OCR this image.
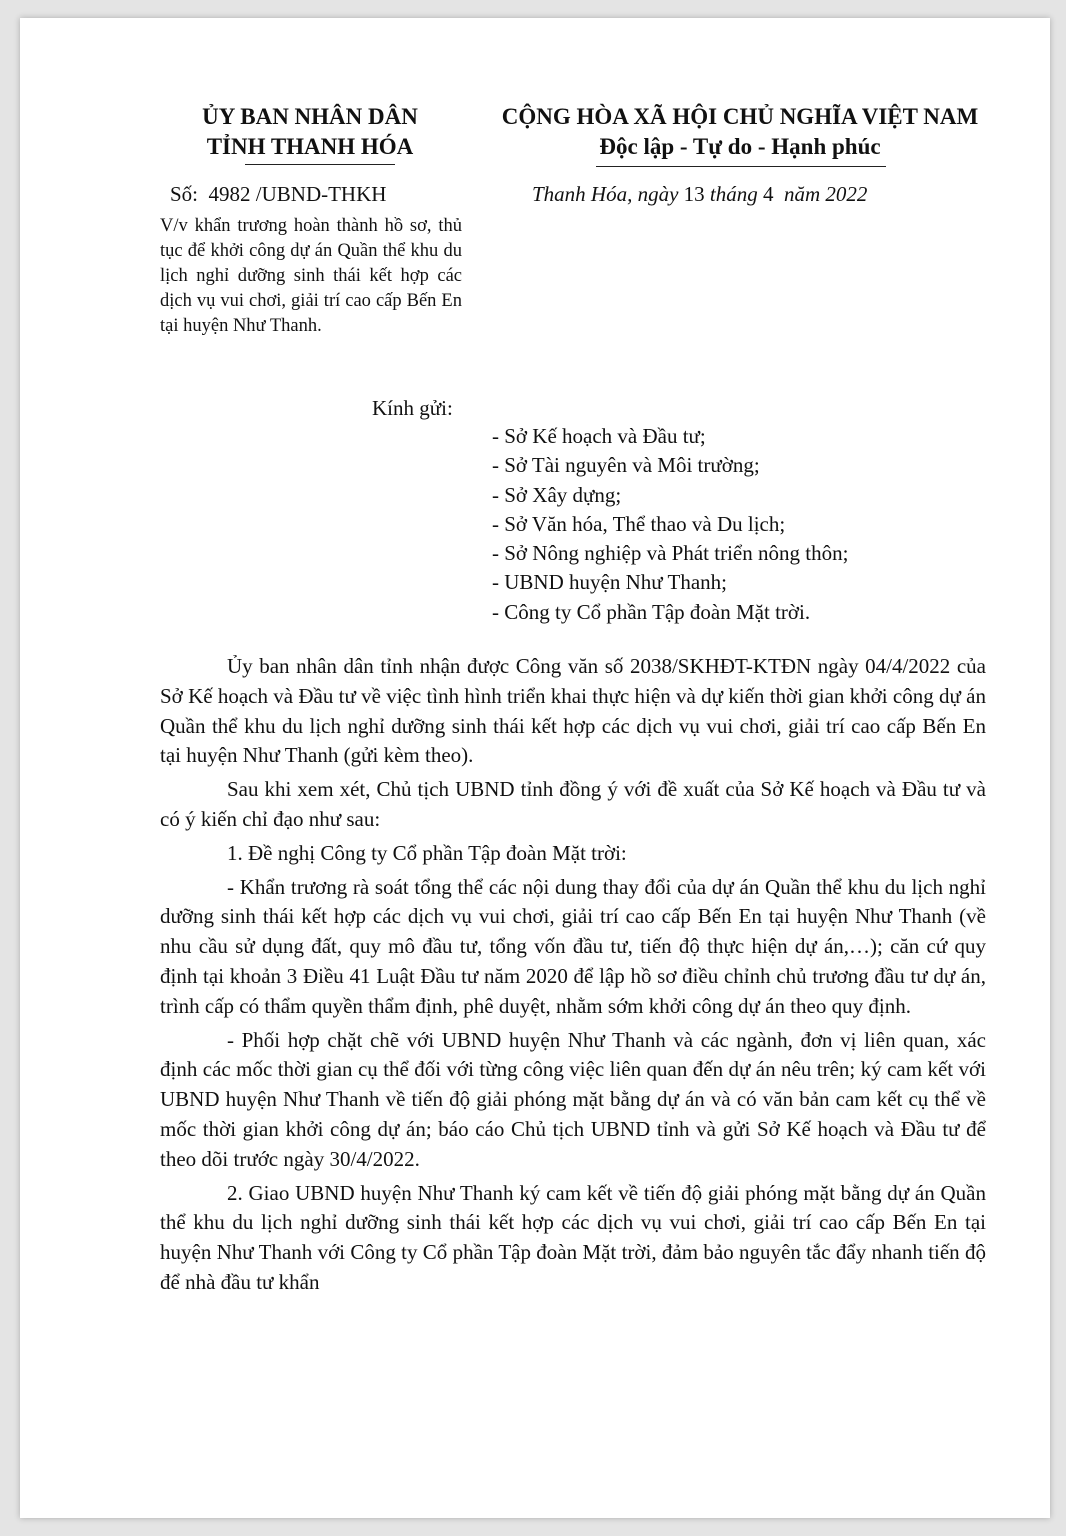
ỦY BAN NHÂN DÂN
TỈNH THANH HÓA
CỘNG HÒA XÃ HỘI CHỦ NGHĨA VIỆT NAM
Độc lập - Tự do - Hạnh phúc
Số: 4982 /UBND-THKH	Thanh Hóa, ngày 13 tháng 4 năm 2022
V/v khẩn trương hoàn thành hồ sơ, thủ tục để khởi công dự án Quần thể khu du lịch nghỉ dưỡng sinh thái kết hợp các dịch vụ vui chơi, giải trí cao cấp Bến En tại huyện Như Thanh.
Kính gửi:
- Sở Kế hoạch và Đầu tư;
- Sở Tài nguyên và Môi trường;
- Sở Xây dựng;
- Sở Văn hóa, Thể thao và Du lịch;
- Sở Nông nghiệp và Phát triển nông thôn;
- UBND huyện Như Thanh;
- Công ty Cổ phần Tập đoàn Mặt trời.

Ủy ban nhân dân tỉnh nhận được Công văn số 2038/SKHĐT-KTĐN ngày 04/4/2022 của Sở Kế hoạch và Đầu tư về việc tình hình triển khai thực hiện và dự kiến thời gian khởi công dự án Quần thể khu du lịch nghỉ dưỡng sinh thái kết hợp các dịch vụ vui chơi, giải trí cao cấp Bến En tại huyện Như Thanh (gửi kèm theo).

Sau khi xem xét, Chủ tịch UBND tỉnh đồng ý với đề xuất của Sở Kế hoạch và Đầu tư và có ý kiến chỉ đạo như sau:

1. Đề nghị Công ty Cổ phần Tập đoàn Mặt trời:

- Khẩn trương rà soát tổng thể các nội dung thay đổi của dự án Quần thể khu du lịch nghỉ dưỡng sinh thái kết hợp các dịch vụ vui chơi, giải trí cao cấp Bến En tại huyện Như Thanh (về nhu cầu sử dụng đất, quy mô đầu tư, tổng vốn đầu tư, tiến độ thực hiện dự án,…); căn cứ quy định tại khoản 3 Điều 41 Luật Đầu tư năm 2020 để lập hồ sơ điều chỉnh chủ trương đầu tư dự án, trình cấp có thẩm quyền thẩm định, phê duyệt, nhằm sớm khởi công dự án theo quy định.

- Phối hợp chặt chẽ với UBND huyện Như Thanh và các ngành, đơn vị liên quan, xác định các mốc thời gian cụ thể đối với từng công việc liên quan đến dự án nêu trên; ký cam kết với UBND huyện Như Thanh về tiến độ giải phóng mặt bằng dự án và có văn bản cam kết cụ thể về mốc thời gian khởi công dự án; báo cáo Chủ tịch UBND tỉnh và gửi Sở Kế hoạch và Đầu tư để theo dõi trước ngày 30/4/2022.

2. Giao UBND huyện Như Thanh ký cam kết về tiến độ giải phóng mặt bằng dự án Quần thể khu du lịch nghỉ dưỡng sinh thái kết hợp các dịch vụ vui chơi, giải trí cao cấp Bến En tại huyện Như Thanh với Công ty Cổ phần Tập đoàn Mặt trời, đảm bảo nguyên tắc đẩy nhanh tiến độ để nhà đầu tư khẩn
